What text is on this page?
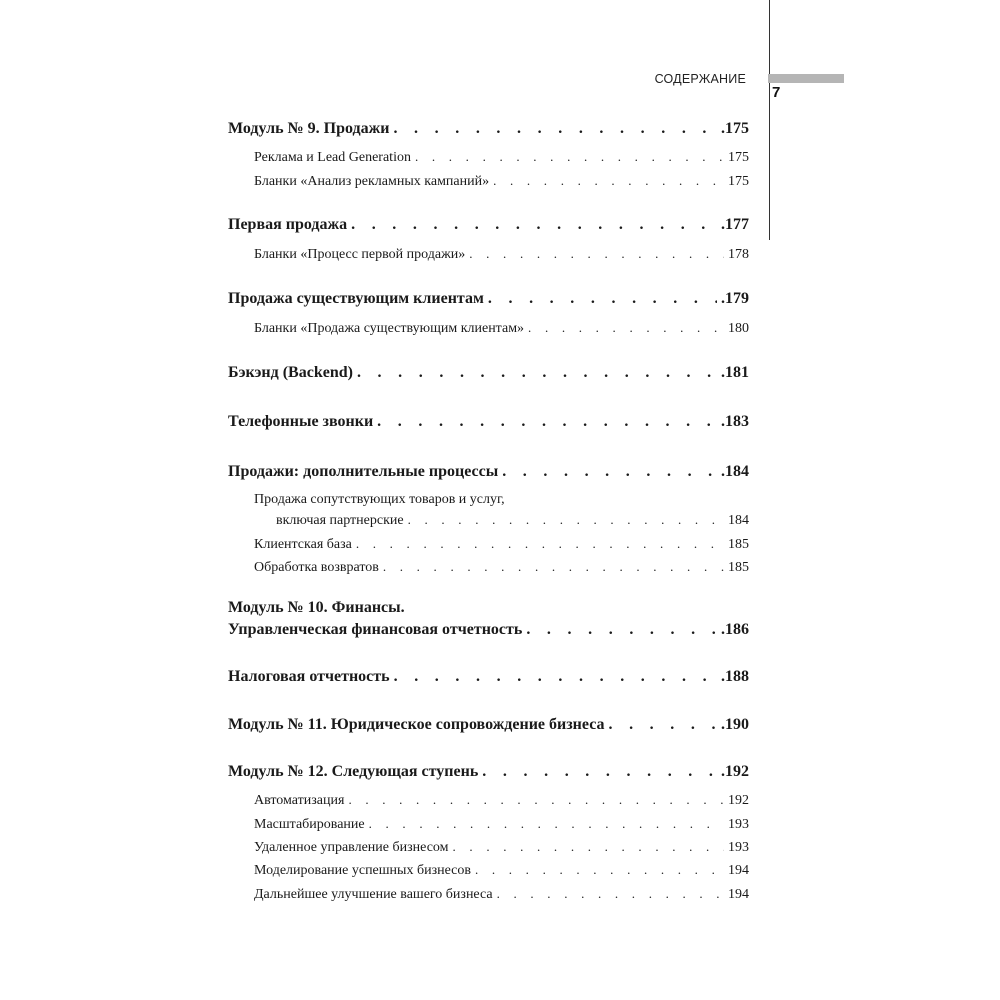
СОДЕРЖАНИЕ
7
Модуль № 9. Продажи . . .	.175
Реклама и Lead Generation . . .	175
Бланки «Анализ рекламных кампаний» . . .	175
Первая продажа . . .	.177
Бланки «Процесс первой продажи» . . .	178
Продажа существующим клиентам . . .	.179
Бланки «Продажа существующим клиентам» . . .	180
Бэкэнд (Backend) . . .	.181
Телефонные звонки . . .	.183
Продажи: дополнительные процессы . . .	.184
Продажа сопутствующих товаров и услуг,
включая партнерские . . .	184
Клиентская база . . .	185
Обработка возвратов . . .	185
Модуль № 10. Финансы.
Управленческая финансовая отчетность . . .	.186
Налоговая отчетность . . .	.188
Модуль № 11. Юридическое сопровождение бизнеса . . .	.190
Модуль № 12. Следующая ступень . . .	.192
Автоматизация . . .	192
Масштабирование . . .	193
Удаленное управление бизнесом . . .	193
Моделирование успешных бизнесов . . .	194
Дальнейшее улучшение вашего бизнеса . . .	194
